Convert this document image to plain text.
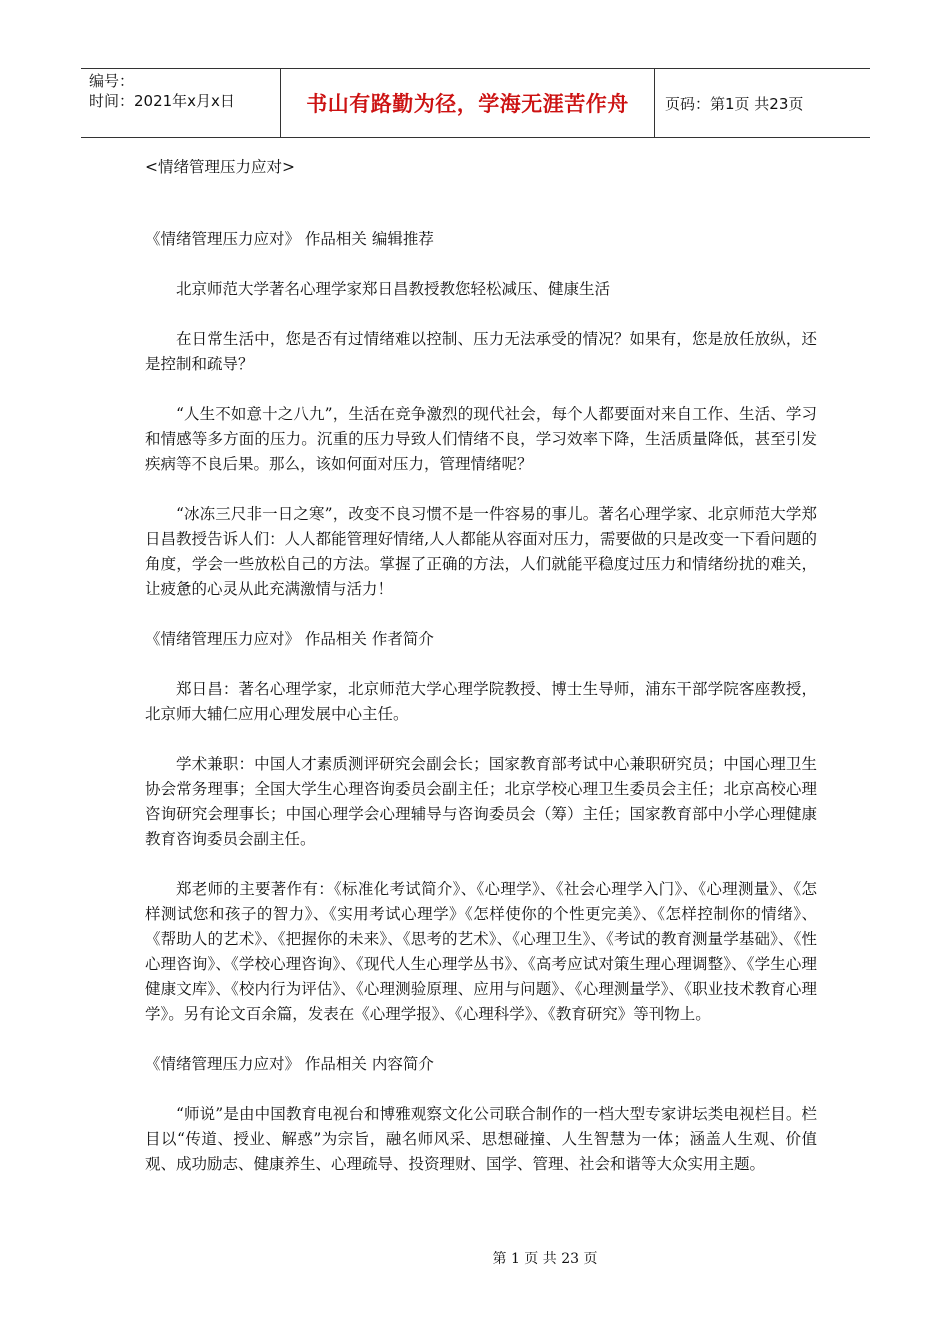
编号：
时间：2021年x月x日	书山有路勤为径，学海无涯苦作舟	页码：第1页 共23页

<情绪管理压力应对>

《情绪管理压力应对》 作品相关 编辑推荐

北京师范大学著名心理学家郑日昌教授教您轻松减压、健康生活

在日常生活中，您是否有过情绪难以控制、压力无法承受的情况？如果有，您是放任放纵，还是控制和疏导？

“人生不如意十之八九”，生活在竞争激烈的现代社会，每个人都要面对来自工作、生活、学习和情感等多方面的压力。沉重的压力导致人们情绪不良，学习效率下降，生活质量降低，甚至引发疾病等不良后果。那么，该如何面对压力，管理情绪呢？

“冰冻三尺非一日之寒”，改变不良习惯不是一件容易的事儿。著名心理学家、北京师范大学郑日昌教授告诉人们：人人都能管理好情绪,人人都能从容面对压力，需要做的只是改变一下看问题的角度，学会一些放松自己的方法。掌握了正确的方法，人们就能平稳度过压力和情绪纷扰的难关，让疲惫的心灵从此充满激情与活力！

《情绪管理压力应对》 作品相关 作者简介

郑日昌：著名心理学家，北京师范大学心理学院教授、博士生导师，浦东干部学院客座教授，北京师大辅仁应用心理发展中心主任。

学术兼职：中国人才素质测评研究会副会长；国家教育部考试中心兼职研究员；中国心理卫生协会常务理事；全国大学生心理咨询委员会副主任；北京学校心理卫生委员会主任；北京高校心理咨询研究会理事长；中国心理学会心理辅导与咨询委员会（筹）主任；国家教育部中小学心理健康教育咨询委员会副主任。

郑老师的主要著作有：《标准化考试简介》、《心理学》、《社会心理学入门》、《心理测量》、《怎样测试您和孩子的智力》、《实用考试心理学》《怎样使你的个性更完美》、《怎样控制你的情绪》、《帮助人的艺术》、《把握你的未来》、《思考的艺术》、《心理卫生》、《考试的教育测量学基础》、《性心理咨询》、《学校心理咨询》、《现代人生心理学丛书》、《高考应试对策生理心理调整》、《学生心理健康文库》、《校内行为评估》、《心理测验原理、应用与问题》、《心理测量学》、《职业技术教育心理学》。另有论文百余篇，发表在《心理学报》、《心理科学》、《教育研究》等刊物上。

《情绪管理压力应对》 作品相关 内容简介

“师说”是由中国教育电视台和博雅观察文化公司联合制作的一档大型专家讲坛类电视栏目。栏目以“传道、授业、解惑”为宗旨，融名师风采、思想碰撞、人生智慧为一体；涵盖人生观、价值观、成功励志、健康养生、心理疏导、投资理财、国学、管理、社会和谐等大众实用主题。

第 1 页 共 23 页
